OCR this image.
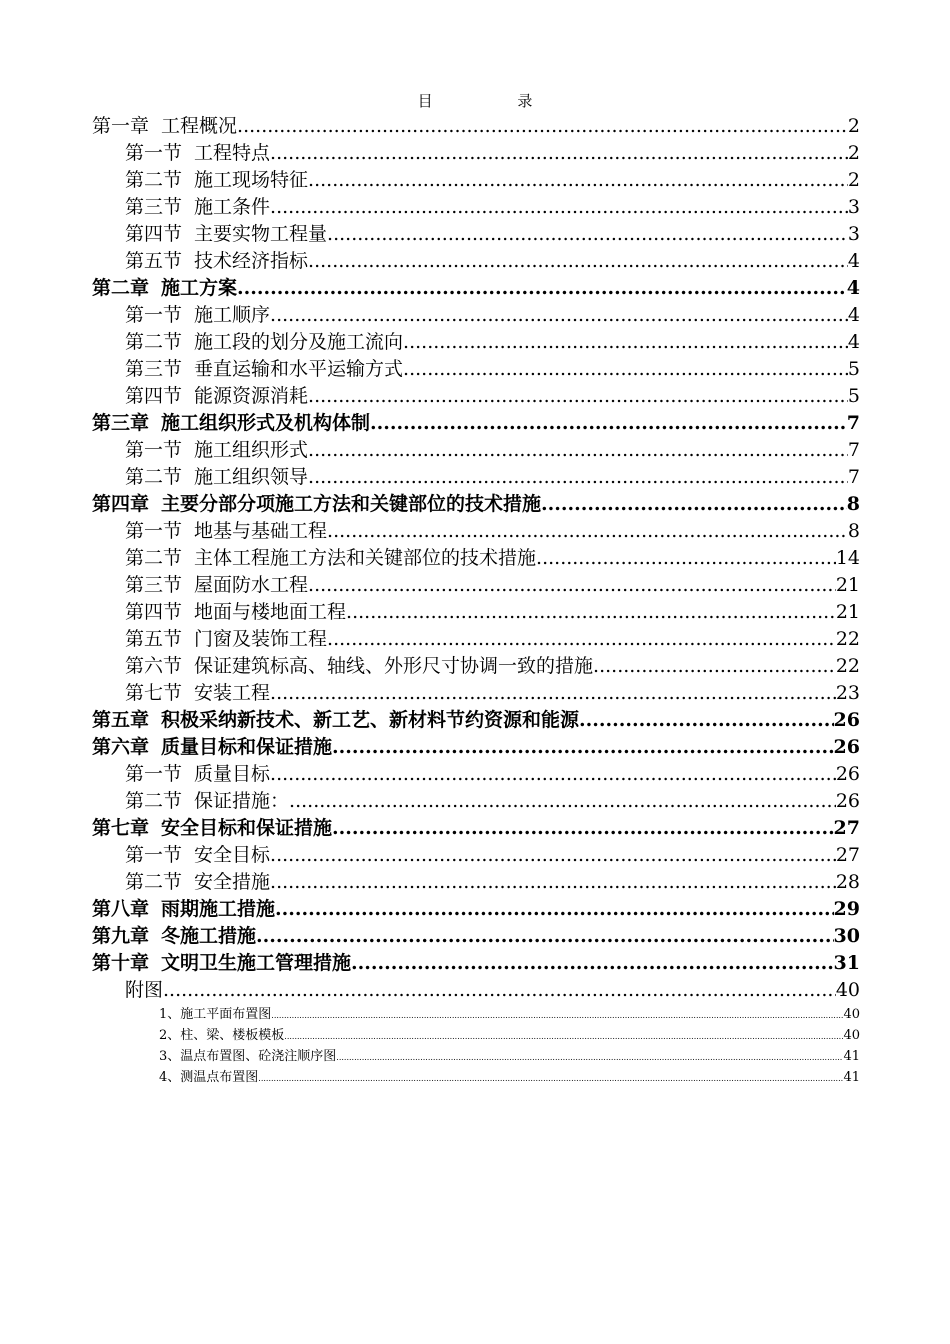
目 录
第一章 工程概况 .....	2
第一节 工程特点 .....	2
第二节 施工现场特征 .....	2
第三节 施工条件 .....	3
第四节 主要实物工程量 .....	3
第五节 技术经济指标 .....	4
第二章 施工方案 .....	4
第一节 施工顺序 .....	4
第二节 施工段的划分及施工流向 .....	4
第三节 垂直运输和水平运输方式 .....	5
第四节 能源资源消耗 .....	5
第三章 施工组织形式及机构体制 .....	7
第一节 施工组织形式 .....	7
第二节 施工组织领导 .....	7
第四章 主要分部分项施工方法和关键部位的技术措施 .....	8
第一节 地基与基础工程 .....	8
第二节 主体工程施工方法和关键部位的技术措施 .....	14
第三节 屋面防水工程 .....	21
第四节 地面与楼地面工程 .....	21
第五节 门窗及装饰工程 .....	22
第六节 保证建筑标高、轴线、外形尺寸协调一致的措施 .....	22
第七节 安装工程 .....	23
第五章 积极采纳新技术、新工艺、新材料节约资源和能源 .....	26
第六章 质量目标和保证措施 .....	26
第一节 质量目标 .....	26
第二节 保证措施： .....	26
第七章 安全目标和保证措施 .....	27
第一节 安全目标 .....	27
第二节 安全措施 .....	28
第八章 雨期施工措施 .....	29
第九章 冬施工措施 .....	30
第十章 文明卫生施工管理措施 .....	31
附图 .....	40
1、施工平面布置图 .....	40
2、柱、梁、楼板模板 .....	40
3、温点布置图、砼浇注顺序图 .....	41
4、测温点布置图 .....	41
